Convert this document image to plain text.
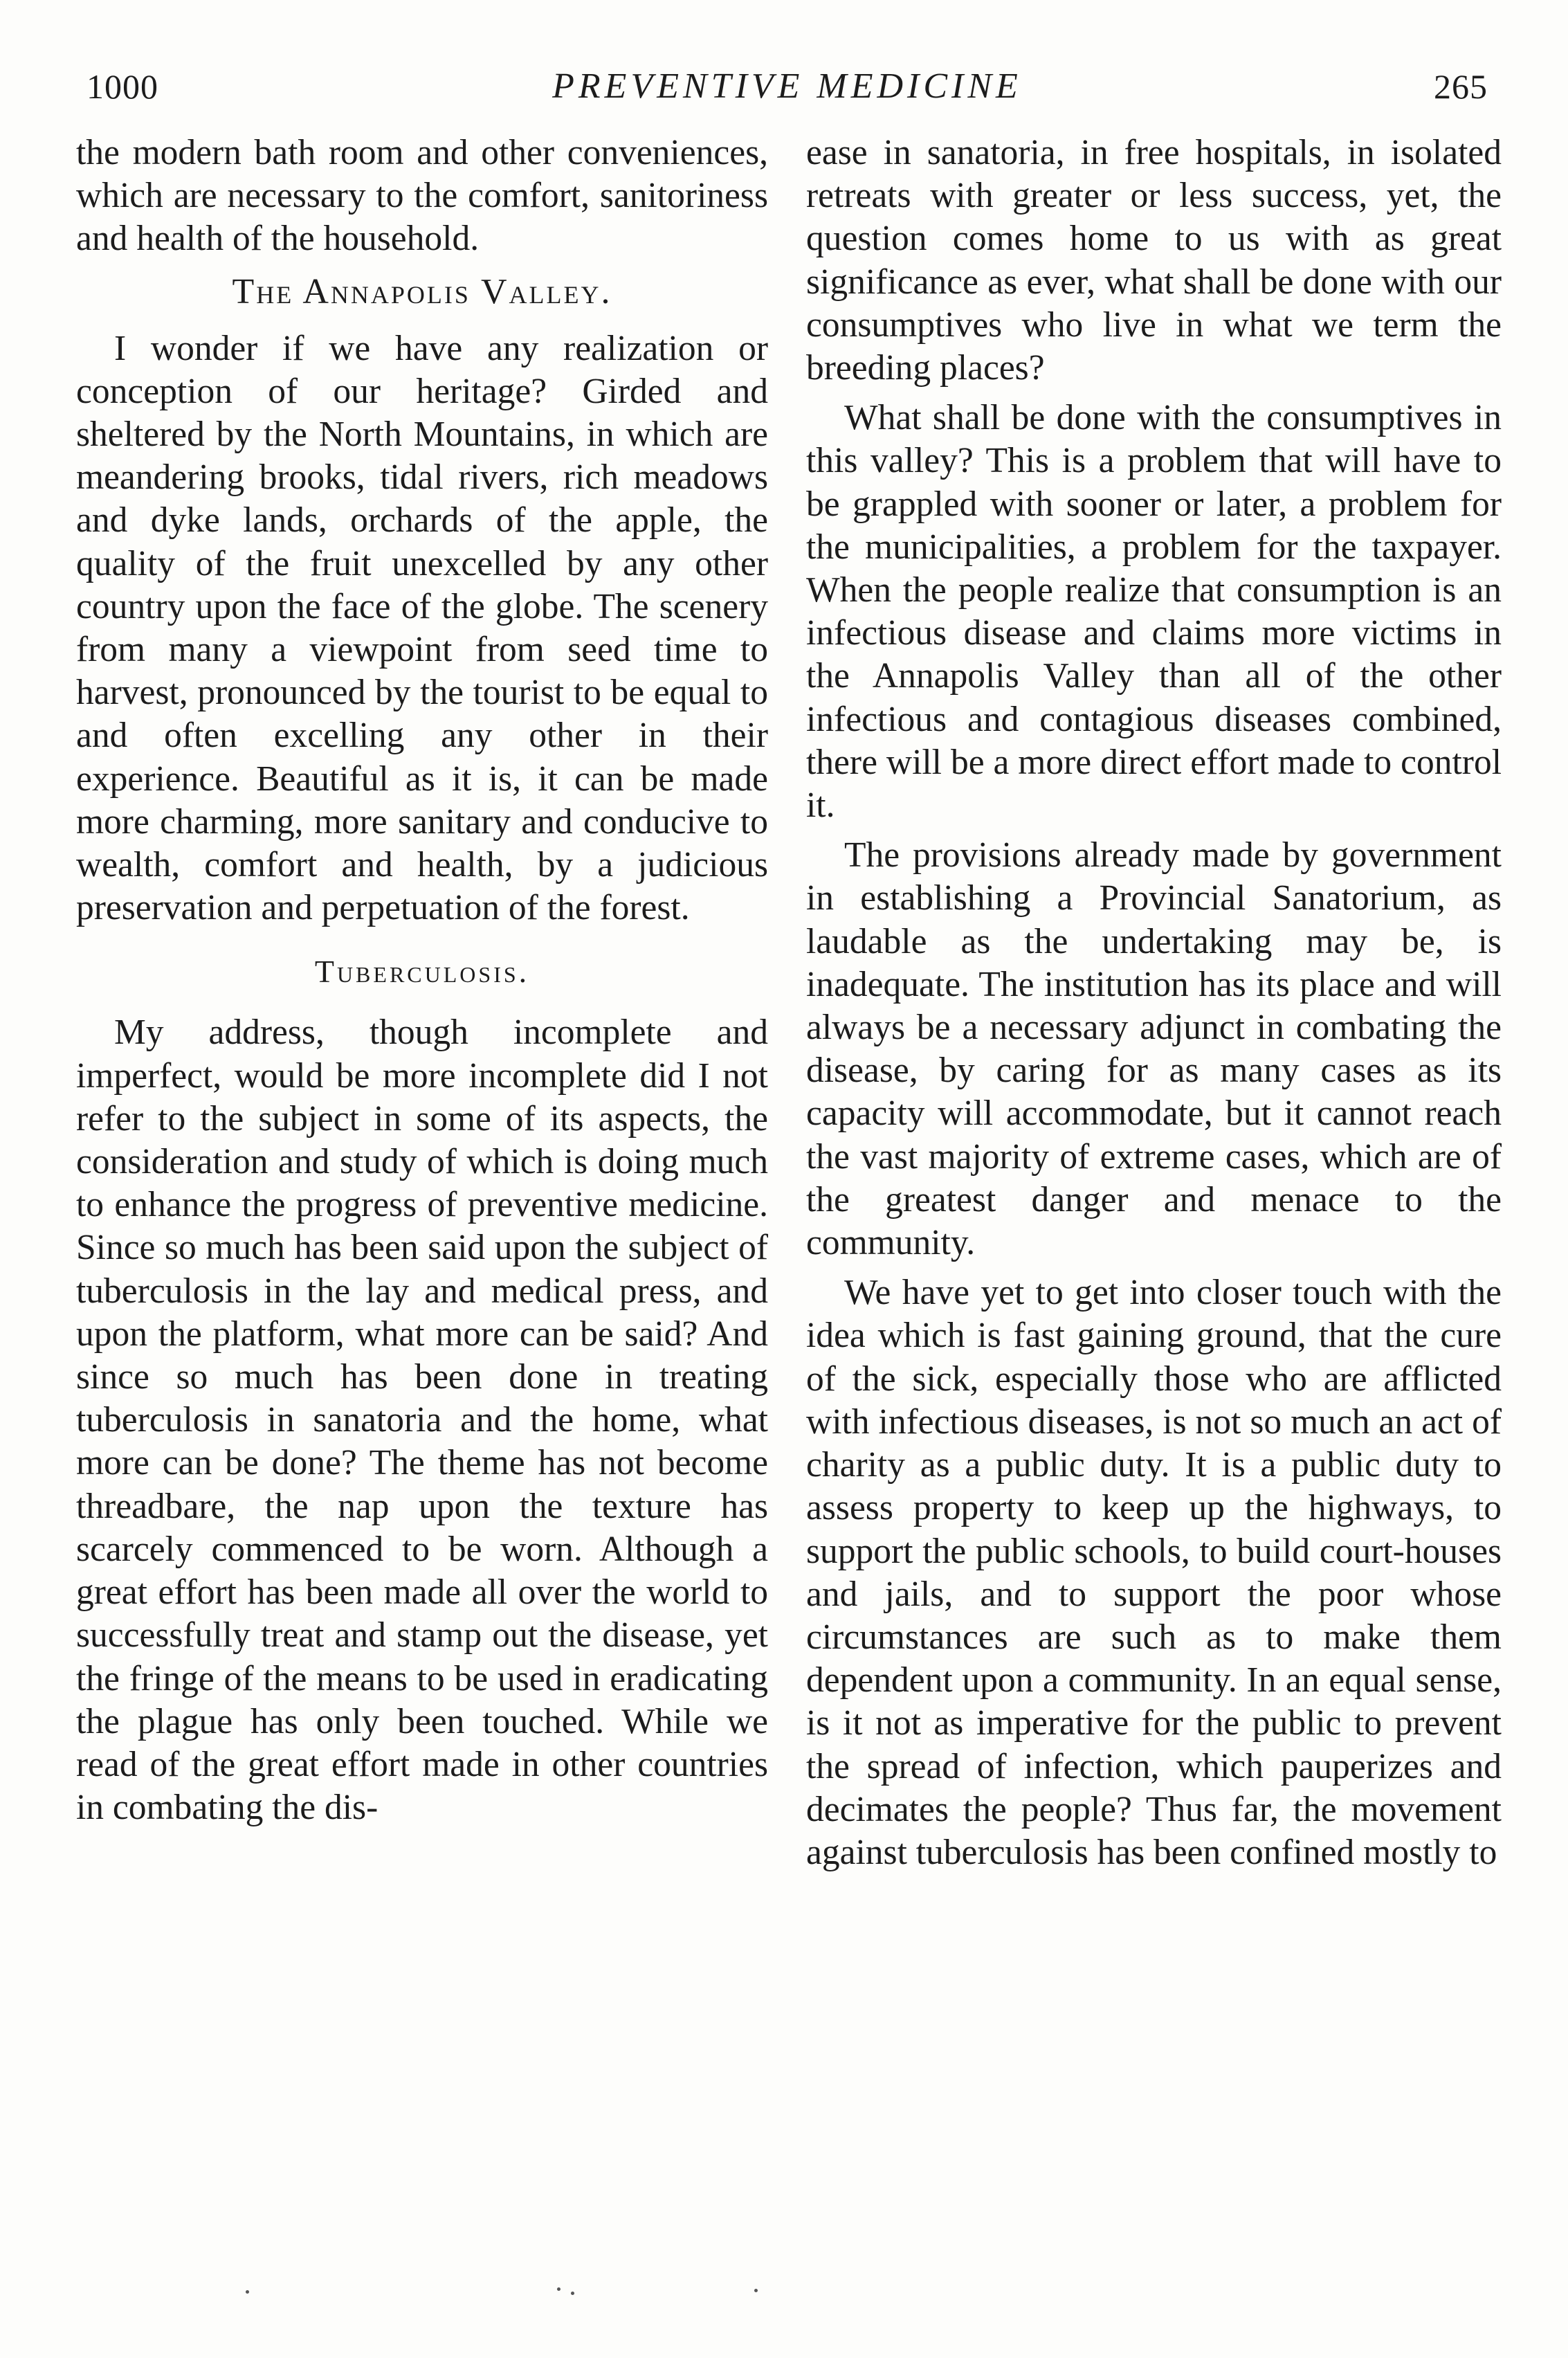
1000	PREVENTIVE MEDICINE	265

the modern bath room and other conveniences, which are necessary to the comfort, sanitoriness and health of the household.

The Annapolis Valley.

I wonder if we have any realization or conception of our heritage? Girded and sheltered by the North Mountains, in which are meandering brooks, tidal rivers, rich meadows and dyke lands, orchards of the apple, the quality of the fruit unexcelled by any other country upon the face of the globe. The scenery from many a viewpoint from seed time to harvest, pronounced by the tourist to be equal to and often excelling any other in their experience. Beautiful as it is, it can be made more charming, more sanitary and conducive to wealth, comfort and health, by a judicious preservation and perpetuation of the forest.

Tuberculosis.

My address, though incomplete and imperfect, would be more incomplete did I not refer to the subject in some of its aspects, the consideration and study of which is doing much to enhance the progress of preventive medicine. Since so much has been said upon the subject of tuberculosis in the lay and medical press, and upon the platform, what more can be said? And since so much has been done in treating tuberculosis in sanatoria and the home, what more can be done? The theme has not become threadbare, the nap upon the texture has scarcely commenced to be worn. Although a great effort has been made all over the world to successfully treat and stamp out the disease, yet the fringe of the means to be used in eradicating the plague has only been touched. While we read of the great effort made in other countries in combating the dis-

ease in sanatoria, in free hospitals, in isolated retreats with greater or less success, yet, the question comes home to us with as great significance as ever, what shall be done with our consumptives who live in what we term the breeding places?

What shall be done with the consumptives in this valley? This is a problem that will have to be grappled with sooner or later, a problem for the municipalities, a problem for the taxpayer. When the people realize that consumption is an infectious disease and claims more victims in the Annapolis Valley than all of the other infectious and contagious diseases combined, there will be a more direct effort made to control it.

The provisions already made by government in establishing a Provincial Sanatorium, as laudable as the undertaking may be, is inadequate. The institution has its place and will always be a necessary adjunct in combating the disease, by caring for as many cases as its capacity will accommodate, but it cannot reach the vast majority of extreme cases, which are of the greatest danger and menace to the community.

We have yet to get into closer touch with the idea which is fast gaining ground, that the cure of the sick, especially those who are afflicted with infectious diseases, is not so much an act of charity as a public duty. It is a public duty to assess property to keep up the highways, to support the public schools, to build court-houses and jails, and to support the poor whose circumstances are such as to make them dependent upon a community. In an equal sense, is it not as imperative for the public to prevent the spread of infection, which pauperizes and decimates the people? Thus far, the movement against tuberculosis has been confined mostly to
